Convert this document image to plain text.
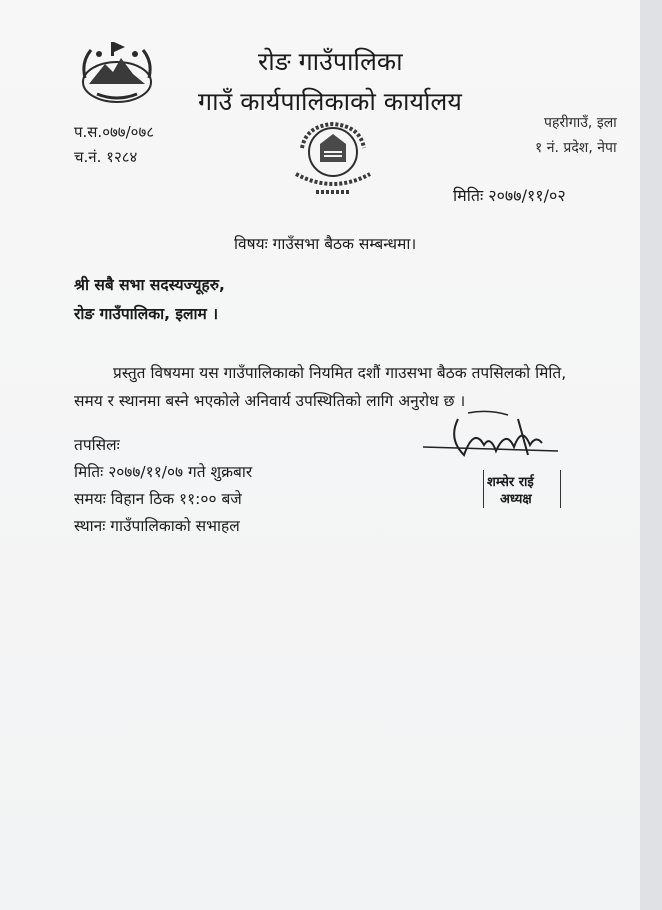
रोङ गाउँपालिका
गाउँ कार्यपालिकाको कार्यालय
पहरीगाउँ, इला
१ नं. प्रदेश, नेपा
प.स.०७७/०७८
च.नं. १२८४
मितिः २०७७/११/०२
विषयः गाउँसभा बैठक सम्बन्धमा।
श्री सबै सभा सदस्यज्यूहरु,
रोङ गाउँपालिका, इलाम ।
प्रस्तुत विषयमा यस गाउँपालिकाको नियमित दशौं गाउसभा बैठक तपसिलको मिति,
समय र स्थानमा बस्ने भएकोले अनिवार्य उपस्थितिको लागि अनुरोध छ ।
तपसिलः
मितिः २०७७/११/०७ गते शुक्रबार
समयः विहान ठिक ११:०० बजे
स्थानः गाउँपालिकाको सभाहल
शम्सेर राई
अध्यक्ष
